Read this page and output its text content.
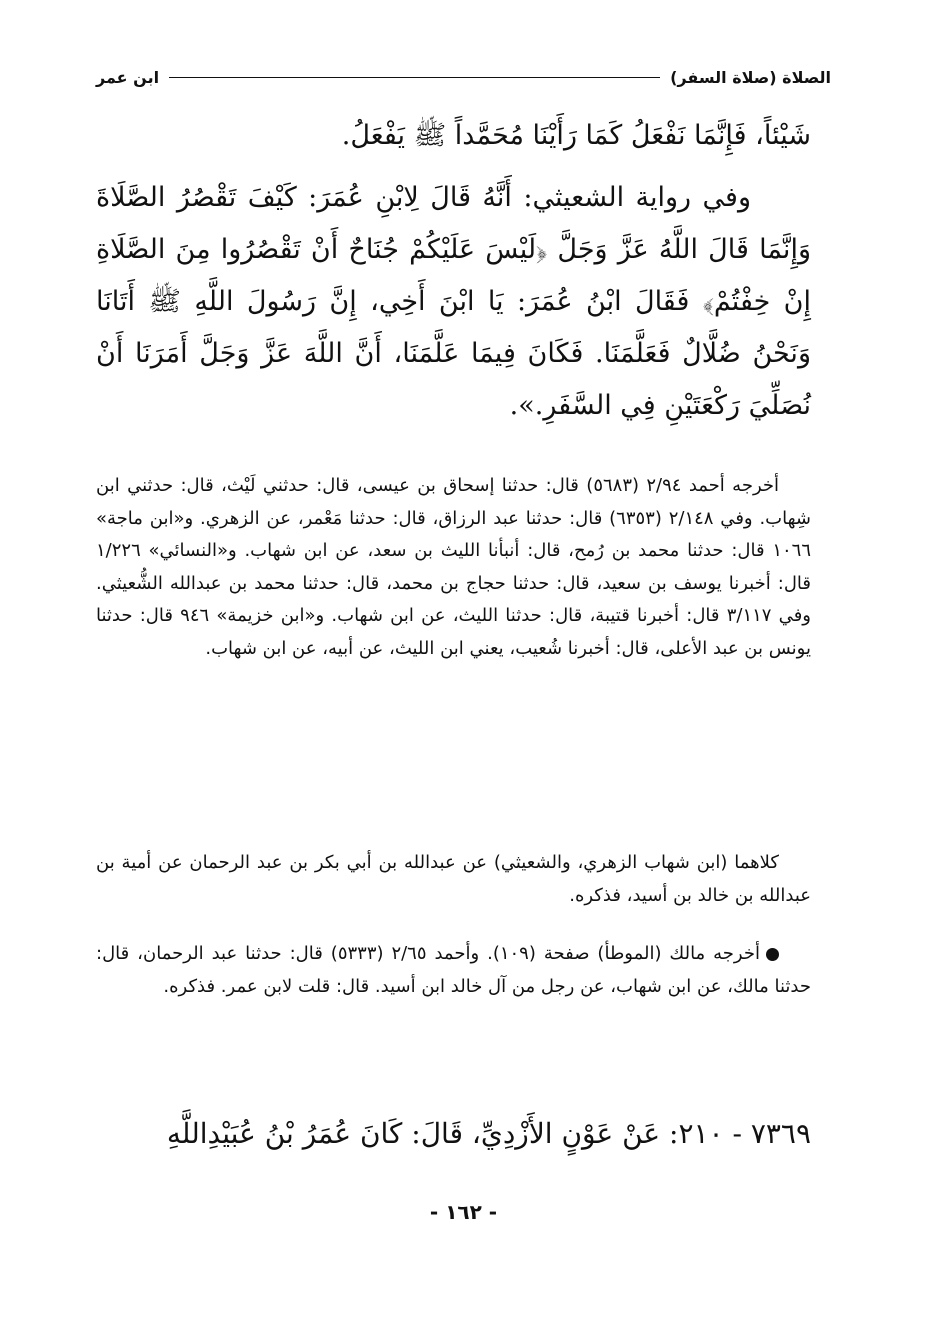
الصلاة (صلاة السفر)
ابن عمر

شَيْئاً، فَإِنَّمَا نَفْعَلُ كَمَا رَأَيْنَا مُحَمَّداً ﷺ يَفْعَلُ.

وفي رواية الشعيثي: أَنَّهُ قَالَ لِابْنِ عُمَرَ: كَيْفَ تَقْصُرُ الصَّلَاةَ وَإِنَّمَا قَالَ اللَّهُ عَزَّ وَجَلَّ ﴿لَيْسَ عَلَيْكُمْ جُنَاحٌ أَنْ تَقْصُرُوا مِنَ الصَّلَاةِ إِنْ خِفْتُمْ﴾ فَقَالَ ابْنُ عُمَرَ: يَا ابْنَ أَخِي، إِنَّ رَسُولَ اللَّهِ ﷺ أَتَانَا وَنَحْنُ ضُلَّالٌ فَعَلَّمَنَا. فَكَانَ فِيمَا عَلَّمَنَا، أَنَّ اللَّهَ عَزَّ وَجَلَّ أَمَرَنَا أَنْ نُصَلِّيَ رَكْعَتَيْنِ فِي السَّفَرِ.».

أخرجه أحمد ٢/٩٤ (٥٦٨٣) قال: حدثنا إسحاق بن عيسى، قال: حدثني لَيْث، قال: حدثني ابن شِهاب. وفي ٢/١٤٨ (٦٣٥٣) قال: حدثنا عبد الرزاق، قال: حدثنا مَعْمر، عن الزهري. و«ابن ماجة» ١٠٦٦ قال: حدثنا محمد بن رُمح، قال: أنبأنا الليث بن سعد، عن ابن شهاب. و«النسائي» ١/٢٢٦ قال: أخبرنا يوسف بن سعيد، قال: حدثنا حجاج بن محمد، قال: حدثنا محمد بن عبدالله الشُّعيثي. وفي ٣/١١٧ قال: أخبرنا قتيبة، قال: حدثنا الليث، عن ابن شهاب. و«ابن خزيمة» ٩٤٦ قال: حدثنا يونس بن عبد الأعلى، قال: أخبرنا شُعيب، يعني ابن الليث، عن أبيه، عن ابن شهاب.

كلاهما (ابن شهاب الزهري، والشعيثي) عن عبدالله بن أبي بكر بن عبد الرحمان عن أمية بن عبدالله بن خالد بن أسيد، فذكره.

أخرجه مالك (الموطأ) صفحة (١٠٩). وأحمد ٢/٦٥ (٥٣٣٣) قال: حدثنا عبد الرحمان، قال: حدثنا مالك، عن ابن شهاب، عن رجل من آل خالد ابن أسيد. قال: قلت لابن عمر. فذكره.

٧٣٦٩ - ٢١٠: عَنْ عَوْنٍ الأَزْدِيِّ، قَالَ: كَانَ عُمَرُ بْنُ عُبَيْدِاللَّهِ
- ١٦٢ -
